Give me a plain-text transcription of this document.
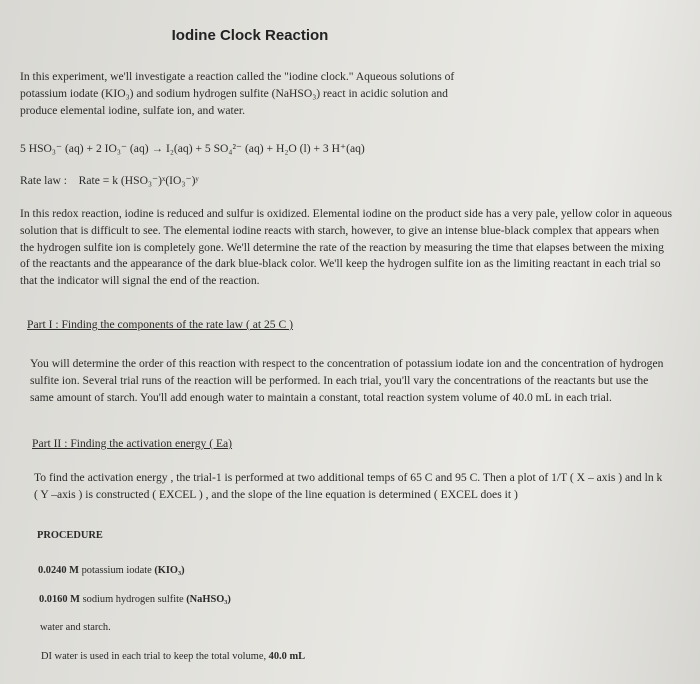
Iodine Clock Reaction
In this experiment, we'll investigate a reaction called the "iodine clock." Aqueous solutions of potassium iodate (KIO₃) and sodium hydrogen sulfite (NaHSO₃) react in acidic solution and produce elemental iodine, sulfate ion, and water.
5 HSO₃⁻ (aq) + 2 IO₃⁻ (aq) → I₂(aq) + 5 SO₄²⁻ (aq) + H₂O (l) + 3 H⁺(aq)
Rate law : Rate = k (HSO₃⁻)ˣ(IO₃⁻)ʸ
In this redox reaction, iodine is reduced and sulfur is oxidized. Elemental iodine on the product side has a very pale, yellow color in aqueous solution that is difficult to see. The elemental iodine reacts with starch, however, to give an intense blue-black complex that appears when the hydrogen sulfite ion is completely gone. We'll determine the rate of the reaction by measuring the time that elapses between the mixing of the reactants and the appearance of the dark blue-black color. We'll keep the hydrogen sulfite ion as the limiting reactant in each trial so that the indicator will signal the end of the reaction.
Part I : Finding the components of the rate law ( at 25 C )
You will determine the order of this reaction with respect to the concentration of potassium iodate ion and the concentration of hydrogen sulfite ion. Several trial runs of the reaction will be performed. In each trial, you'll vary the concentrations of the reactants but use the same amount of starch. You'll add enough water to maintain a constant, total reaction system volume of 40.0 mL in each trial.
Part II : Finding the activation energy ( Ea)
To find the activation energy , the trial-1 is performed at two additional temps of 65 C and 95 C. Then a plot of 1/T ( X – axis ) and ln k ( Y –axis ) is constructed ( EXCEL ) , and the slope of the line equation is determined ( EXCEL does it )
PROCEDURE
0.0240 M potassium iodate (KIO₃)
0.0160 M sodium hydrogen sulfite (NaHSO₃)
water and starch.
DI water is used in each trial to keep the total volume, 40.0 mL
